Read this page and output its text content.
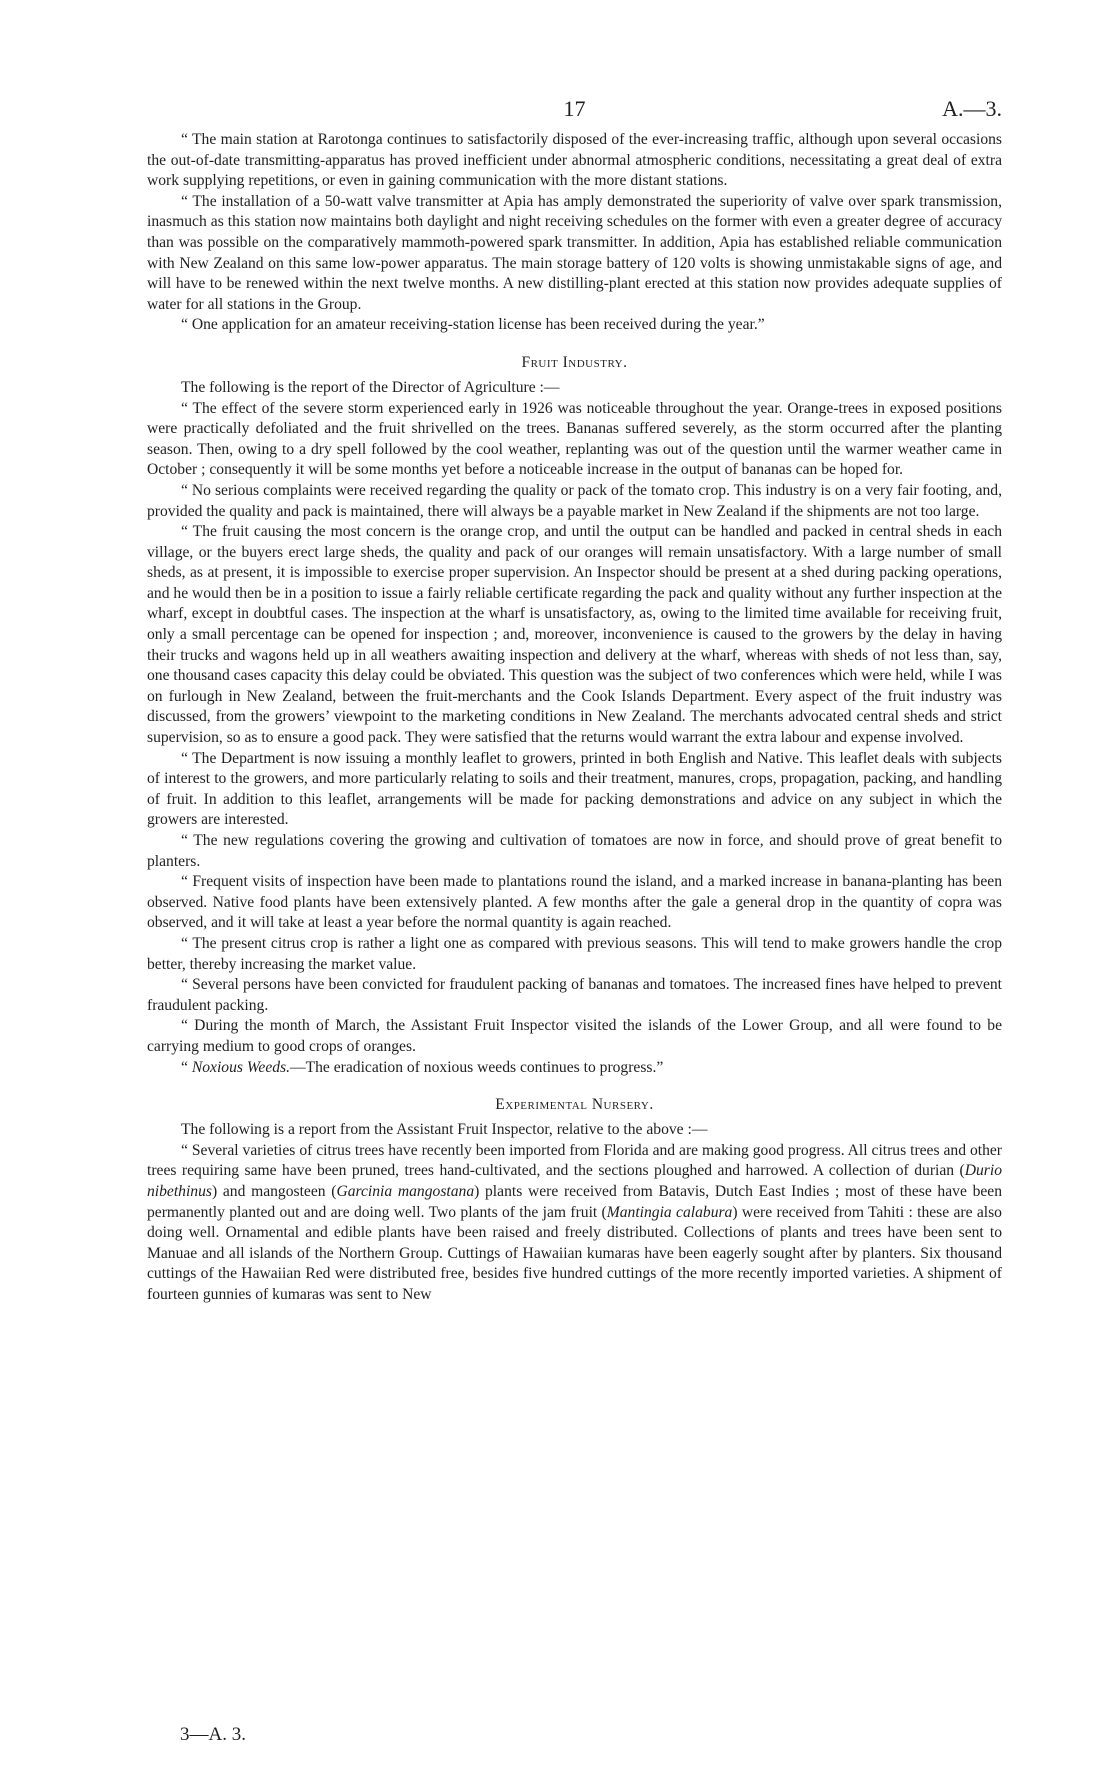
17	A.—3.

“ The main station at Rarotonga continues to satisfactorily disposed of the ever-increasing traffic, although upon several occasions the out-of-date transmitting-apparatus has proved inefficient under abnormal atmospheric conditions, necessitating a great deal of extra work supplying repetitions, or even in gaining communication with the more distant stations.

“ The installation of a 50-watt valve transmitter at Apia has amply demonstrated the superiority of valve over spark transmission, inasmuch as this station now maintains both daylight and night receiving schedules on the former with even a greater degree of accuracy than was possible on the comparatively mammoth-powered spark transmitter. In addition, Apia has established reliable communication with New Zealand on this same low-power apparatus. The main storage battery of 120 volts is showing unmistakable signs of age, and will have to be renewed within the next twelve months. A new distilling-plant erected at this station now provides adequate supplies of water for all stations in the Group.

“ One application for an amateur receiving-station license has been received during the year.”

Fruit Industry.

The following is the report of the Director of Agriculture :—

“ The effect of the severe storm experienced early in 1926 was noticeable throughout the year. Orange-trees in exposed positions were practically defoliated and the fruit shrivelled on the trees. Bananas suffered severely, as the storm occurred after the planting season. Then, owing to a dry spell followed by the cool weather, replanting was out of the question until the warmer weather came in October ; consequently it will be some months yet before a noticeable increase in the output of bananas can be hoped for.

“ No serious complaints were received regarding the quality or pack of the tomato crop. This industry is on a very fair footing, and, provided the quality and pack is maintained, there will always be a payable market in New Zealand if the shipments are not too large.

“ The fruit causing the most concern is the orange crop, and until the output can be handled and packed in central sheds in each village, or the buyers erect large sheds, the quality and pack of our oranges will remain unsatisfactory. With a large number of small sheds, as at present, it is impossible to exercise proper supervision. An Inspector should be present at a shed during packing operations, and he would then be in a position to issue a fairly reliable certificate regarding the pack and quality without any further inspection at the wharf, except in doubtful cases. The inspection at the wharf is unsatisfactory, as, owing to the limited time available for receiving fruit, only a small percentage can be opened for inspection ; and, moreover, inconvenience is caused to the growers by the delay in having their trucks and wagons held up in all weathers awaiting inspection and delivery at the wharf, whereas with sheds of not less than, say, one thousand cases capacity this delay could be obviated. This question was the subject of two conferences which were held, while I was on furlough in New Zealand, between the fruit-merchants and the Cook Islands Department. Every aspect of the fruit industry was discussed, from the growers’ viewpoint to the marketing conditions in New Zealand. The merchants advocated central sheds and strict supervision, so as to ensure a good pack. They were satisfied that the returns would warrant the extra labour and expense involved.

“ The Department is now issuing a monthly leaflet to growers, printed in both English and Native. This leaflet deals with subjects of interest to the growers, and more particularly relating to soils and their treatment, manures, crops, propagation, packing, and handling of fruit. In addition to this leaflet, arrangements will be made for packing demonstrations and advice on any subject in which the growers are interested.

“ The new regulations covering the growing and cultivation of tomatoes are now in force, and should prove of great benefit to planters.

“ Frequent visits of inspection have been made to plantations round the island, and a marked increase in banana-planting has been observed. Native food plants have been extensively planted. A few months after the gale a general drop in the quantity of copra was observed, and it will take at least a year before the normal quantity is again reached.

“ The present citrus crop is rather a light one as compared with previous seasons. This will tend to make growers handle the crop better, thereby increasing the market value.

“ Several persons have been convicted for fraudulent packing of bananas and tomatoes. The increased fines have helped to prevent fraudulent packing.

“ During the month of March, the Assistant Fruit Inspector visited the islands of the Lower Group, and all were found to be carrying medium to good crops of oranges.

“ Noxious Weeds.—The eradication of noxious weeds continues to progress.”

Experimental Nursery.

The following is a report from the Assistant Fruit Inspector, relative to the above :—

“ Several varieties of citrus trees have recently been imported from Florida and are making good progress. All citrus trees and other trees requiring same have been pruned, trees hand-cultivated, and the sections ploughed and harrowed. A collection of durian (Durio nibethinus) and mangosteen (Garcinia mangostana) plants were received from Batavis, Dutch East Indies ; most of these have been permanently planted out and are doing well. Two plants of the jam fruit (Mantingia calabura) were received from Tahiti : these are also doing well. Ornamental and edible plants have been raised and freely distributed. Collections of plants and trees have been sent to Manuae and all islands of the Northern Group. Cuttings of Hawaiian kumaras have been eagerly sought after by planters. Six thousand cuttings of the Hawaiian Red were distributed free, besides five hundred cuttings of the more recently imported varieties. A shipment of fourteen gunnies of kumaras was sent to New

3—A. 3.
